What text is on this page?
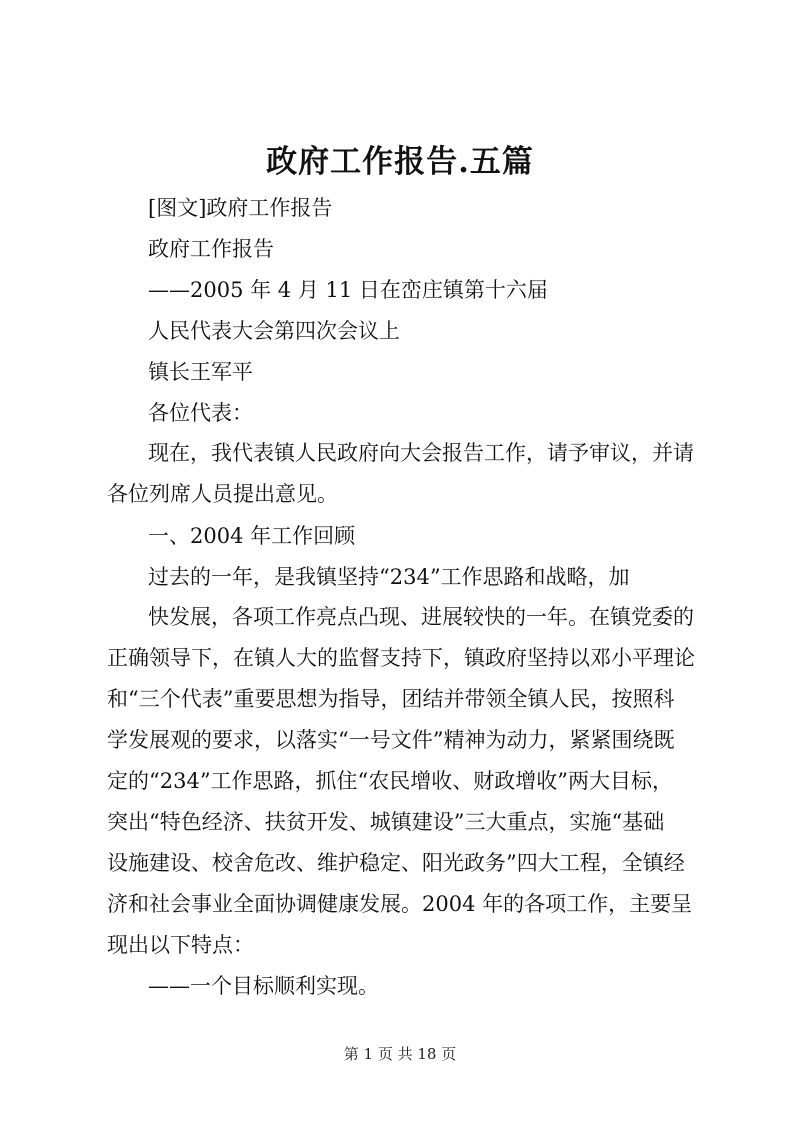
政府工作报告.五篇
[图文]政府工作报告
政府工作报告
——2005 年 4 月 11 日在峦庄镇第十六届
人民代表大会第四次会议上
镇长王军平
各位代表：
现在，我代表镇人民政府向大会报告工作，请予审议，并请
各位列席人员提出意见。
一、2004 年工作回顾
过去的一年，是我镇坚持“234”工作思路和战略，加
快发展，各项工作亮点凸现、进展较快的一年。在镇党委的
正确领导下，在镇人大的监督支持下，镇政府坚持以邓小平理论
和“三个代表”重要思想为指导，团结并带领全镇人民，按照科
学发展观的要求，以落实“一号文件”精神为动力，紧紧围绕既
定的“234”工作思路，抓住“农民增收、财政增收”两大目标，
突出“特色经济、扶贫开发、城镇建设”三大重点，实施“基础
设施建设、校舍危改、维护稳定、阳光政务”四大工程，全镇经
济和社会事业全面协调健康发展。2004 年的各项工作，主要呈
现出以下特点：
——一个目标顺利实现。
第 1 页 共 18 页
